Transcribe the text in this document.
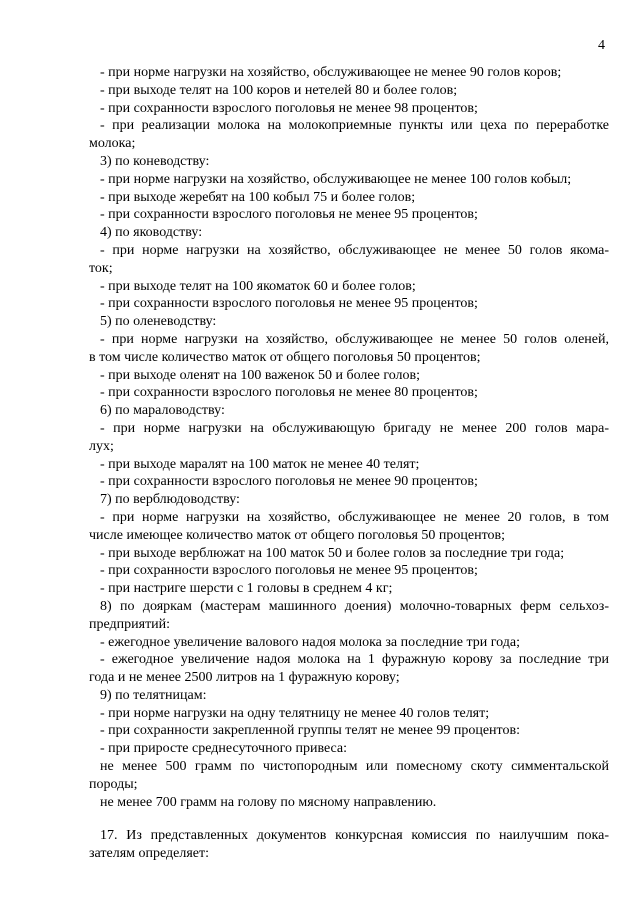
4
- при норме нагрузки на хозяйство, обслуживающее не менее 90 голов коров;
- при выходе телят на 100 коров и нетелей 80 и более голов;
- при сохранности взрослого поголовья не менее 98 процентов;
- при реализации молока на молокоприемные пункты или цеха по переработке
молока;
3) по коневодству:
- при норме нагрузки на хозяйство, обслуживающее не менее 100 голов кобыл;
- при выходе жеребят на 100 кобыл 75 и более голов;
- при сохранности взрослого поголовья не менее 95 процентов;
4) по яководству:
- при норме нагрузки на хозяйство, обслуживающее не менее 50 голов якома-
ток;
- при выходе телят на 100 якоматок 60 и более голов;
- при сохранности взрослого поголовья не менее 95 процентов;
5) по оленеводству:
- при норме нагрузки на хозяйство, обслуживающее не менее 50 голов оленей,
в том числе количество маток от общего поголовья 50 процентов;
- при выходе оленят на 100 важенок 50 и более голов;
- при сохранности взрослого поголовья не менее 80 процентов;
6) по мараловодству:
- при норме нагрузки на обслуживающую бригаду не менее 200 голов мара-
лух;
- при выходе маралят на 100 маток не менее 40 телят;
- при сохранности взрослого поголовья не менее 90 процентов;
7) по верблюдоводству:
- при норме нагрузки на хозяйство, обслуживающее не менее 20 голов, в том
числе имеющее количество маток от общего поголовья 50 процентов;
- при выходе верблюжат на 100 маток 50 и более голов за последние три года;
- при сохранности взрослого поголовья не менее 95 процентов;
- при настриге шерсти с 1 головы в среднем 4 кг;
8) по дояркам (мастерам машинного доения) молочно-товарных ферм сельхоз-
предприятий:
- ежегодное увеличение валового надоя молока за последние три года;
- ежегодное увеличение надоя молока на 1 фуражную корову за последние три
года и не менее 2500 литров на 1 фуражную корову;
9) по телятницам:
- при норме нагрузки на одну телятницу не менее 40 голов телят;
- при сохранности закрепленной группы телят не менее 99 процентов:
- при приросте среднесуточного привеса:
не менее 500 грамм по чистопородным или помесному скоту симментальской
породы;
не менее 700 грамм на голову по мясному направлению.
17. Из представленных документов конкурсная комиссия по наилучшим пока-
зателям определяет:
